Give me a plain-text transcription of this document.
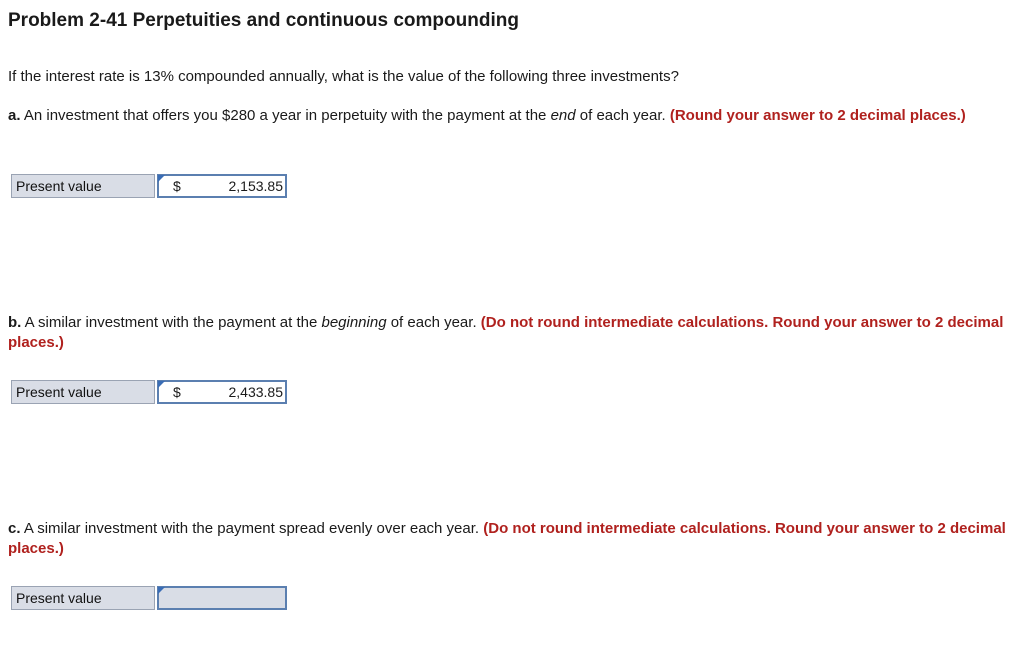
Problem 2-41 Perpetuities and continuous compounding
If the interest rate is 13% compounded annually, what is the value of the following three investments?
a. An investment that offers you $280 a year in perpetuity with the payment at the end of each year. (Round your answer to 2 decimal places.)
Present value	$	2,153.85
b. A similar investment with the payment at the beginning of each year. (Do not round intermediate calculations. Round your answer to 2 decimal places.)
Present value	$	2,433.85
c. A similar investment with the payment spread evenly over each year. (Do not round intermediate calculations. Round your answer to 2 decimal places.)
Present value
